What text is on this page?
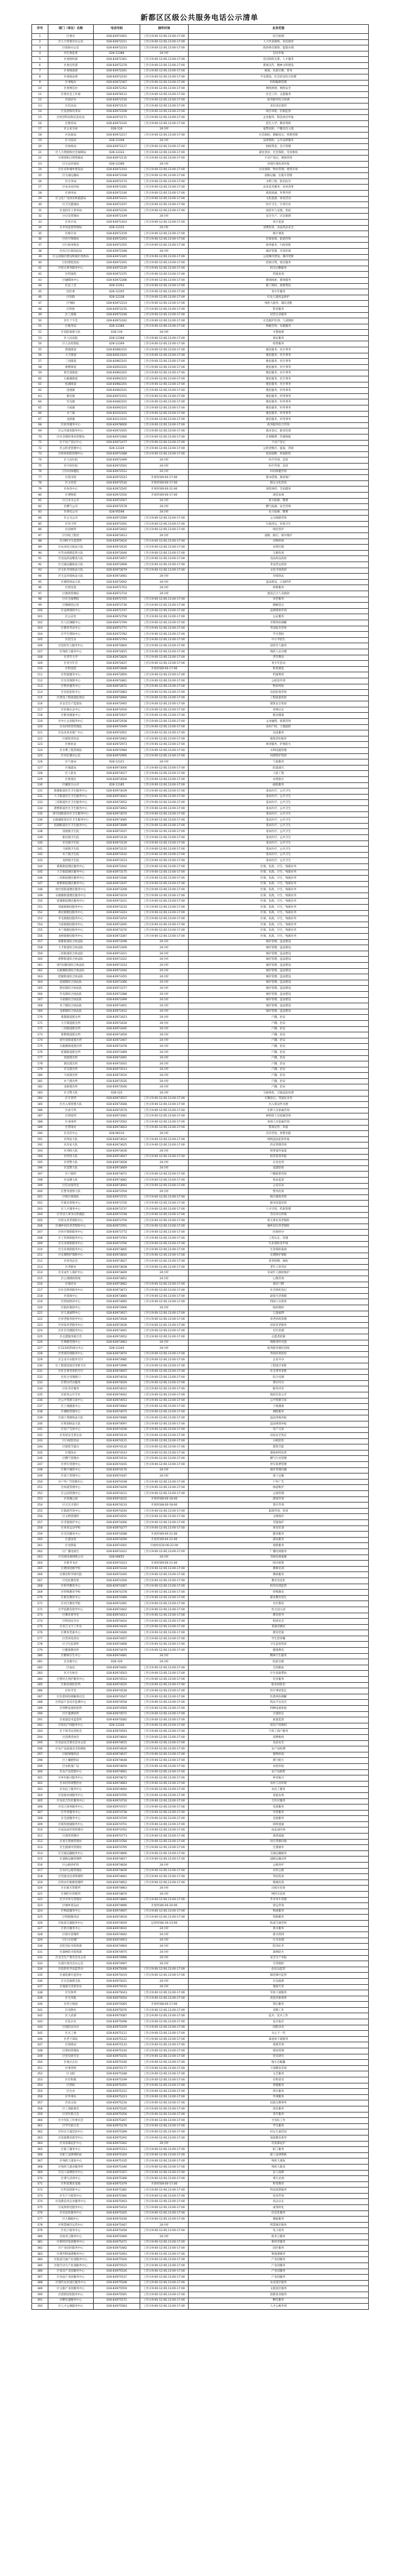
新都区区级公共服务电话公示清单
序号	部门（单位）名称	电话号码	接听时间	业务范围
1	区委办	028-83972001	工作日9:00-12:00,13:00-17:00	综合协调
2	区人大常委会办公室	028-83972211	工作日9:00-12:00,13:00-17:00	人大代表联络、来信接待
3	区政协办公室	028-83972233	工作日9:00-12:00,13:00-17:00	政协委员联络、提案办理
4	区纪委监委	028-12388	24小时	信访举报
5	区委组织部	028-83972361	工作日9:00-12:00,13:00-17:00	党员组织关系、人才服务
6	区委宣传部	028-83972278	工作日9:00-12:00,13:00-17:00	新闻宣传、精神文明建设
7	区委统战部	028-83972261	工作日9:00-12:00,13:00-17:00	统战、民族宗教、侨务
8	区委政法委	028-83972210	工作日9:00-12:00,13:00-17:00	平安建设、社会治安综合治理
9	区委编办	028-83972367	工作日9:00-12:00,13:00-17:00	机构编制管理
10	区委网信办	028-83972352	工作日9:00-12:00,13:00-17:00	网络舆情、网络安全
11	区委社会工作部	028-83978112	工作日9:00-12:00,13:00-17:00	社会工作、志愿服务
12	区政府办	028-83972156	工作日9:00-12:00,13:00-17:00	政务服务综合协调
13	区信访局	028-83972131	工作日9:00-12:00,13:00-17:00	来信来访接待
14	区发展和改革局	028-83972108	工作日9:00-12:00,13:00-17:00	项目审批、价格监督
15	区经济科技和信息化局	028-83972171	工作日9:00-12:00,13:00-17:00	企业服务、科技项目申报
16	区教育局	028-83971032	工作日9:00-12:00,13:00-17:00	招生入学、教育资助
17	区公安分局	028-110	24小时	报警求助、户籍及出入境
18	区民政局	028-83972217	工作日9:00-12:00,13:00-17:00	社会救助、婚姻登记、殡葬管理
19	区司法局	028-12348	24小时	法律援助、公共法律服务
20	区财政局	028-83972127	工作日9:00-12:00,13:00-17:00	财政资金、会计管理
21	区人力资源和社会保障局	028-12333	工作日9:00-12:00,13:00-17:00	就业创业、社会保险、劳动维权
22	区规划和自然资源局	028-83972135	工作日9:00-12:00,13:00-17:00	不动产登记、规划咨询
23	区生态环境局	028-12369	24小时	环境污染投诉举报
24	区住房和城乡建设局	028-83972193	工作日9:00-12:00,13:00-17:00	住房保障、物业管理、建筑市场
25	区交通运输局	028-83972168	工作日9:00-12:00,13:00-17:00	道路运输、出租车管理
26	区水务局	028-83972174	工作日9:00-12:00,13:00-17:00	水利工程、防汛抗旱
27	区农业农村局	028-83972181	工作日9:00-12:00,13:00-17:00	农业技术服务、农村改革
28	区商务局	028-83972146	工作日9:00-12:00,13:00-17:00	商贸流通、外资外贸
29	区文化广电体育和旅游局	028-83972221	工作日9:00-12:00,13:00-17:00	文化旅游、体育活动
30	区卫生健康局	028-83972197	工作日9:00-12:00,13:00-17:00	医疗卫生、计划生育
31	区退役军人事务局	028-83972226	工作日9:00-12:00,13:00-17:00	退役军人安置、优抚
32	区应急管理局	028-83972149	24小时	安全生产、应急救援
33	区审计局	028-83972163	工作日9:00-12:00,13:00-17:00	审计监督
34	区市场监督管理局	028-12315	24小时	消费投诉、食品药品安全
35	区统计局	028-83972159	工作日9:00-12:00,13:00-17:00	统计调查
36	区医疗保障局	028-83972203	工作日9:00-12:00,13:00-17:00	医保参保、报销咨询
37	区行政审批局	028-83972355	工作日9:00-12:00,13:00-17:00	政务服务、行政审批
38	区综合行政执法局	028-83972188	24小时	城市管理、市容环境
39	区公园城市建设和城市更新局	028-83972345	工作日9:00-12:00,13:00-17:00	公园城市建设、城市更新
40	区投资促进局	028-83972291	工作日9:00-12:00,13:00-17:00	招商引资、项目服务
41	区机关事务服务中心	028-83972140	工作日9:00-12:00,13:00-17:00	机关后勤服务
42	区档案馆	028-83972375	工作日9:00-12:00,13:00-17:00	档案查询
43	区融媒体中心	028-83972288	工作日9:00-12:00,13:00-17:00	新闻线索、媒体服务
44	区总工会	028-12351	工作日9:00-12:00,13:00-17:00	职工维权、困难帮扶
45	团区委	028-12355	工作日9:00-12:00,13:00-17:00	青少年服务
46	区妇联	028-12338	工作日9:00-12:00,13:00-17:00	妇女儿童权益保护
47	区残联	028-83972214	工作日9:00-12:00,13:00-17:00	残疾人服务、辅具适配
48	区科协	028-83972235	工作日9:00-12:00,13:00-17:00	科普服务
49	区工商联	028-83972248	工作日9:00-12:00,13:00-17:00	民营企业服务
50	区红十字会	028-83972242	工作日9:00-12:00,13:00-17:00	应急救护培训、人道救助
51	区税务局	028-12366	工作日9:00-12:00,13:00-17:00	纳税咨询、办税服务
52	区消防救援大队	028-119	24小时	火警救援
53	区人民法院	028-12368	工作日9:00-12:00,13:00-17:00	诉讼服务
54	区人民检察院	028-12309	工作日9:00-12:00,13:00-17:00	检察服务
55	新都街道	028-83982101	工作日9:00-12:00,13:00-17:00	便民服务、社区事务
56	大丰街道	028-83012101	工作日9:00-12:00,13:00-17:00	便民服务、社区事务
57	三河街道	028-83962101	工作日9:00-12:00,13:00-17:00	便民服务、社区事务
58	新繁街道	028-83052101	工作日9:00-12:00,13:00-17:00	便民服务、社区事务
59	斑竹园街道	028-83962201	工作日9:00-12:00,13:00-17:00	便民服务、社区事务
60	石板滩街道	028-83992101	工作日9:00-12:00,13:00-17:00	便民服务、社区事务
61	桂湖街道	028-83982201	工作日9:00-12:00,13:00-17:00	便民服务、社区事务
62	清流镇	028-83062101	工作日9:00-12:00,13:00-17:00	便民服务、村务事务
63	新民镇	028-83072101	工作日9:00-12:00,13:00-17:00	便民服务、村务事务
64	军屯镇	028-83082101	工作日9:00-12:00,13:00-17:00	便民服务、村务事务
65	马家镇	028-83092101	工作日9:00-12:00,13:00-17:00	便民服务、村务事务
66	木兰镇	028-83102101	工作日9:00-12:00,13:00-17:00	便民服务、村务事务
67	龙桥镇	028-83112101	工作日9:00-12:00,13:00-17:00	便民服务、村务事务
68	区政务服务中心	028-83978000	工作日9:00-12:00,13:00-17:00	政务服务综合咨询
69	区公共就业服务中心	028-83972455	工作日9:00-12:00,13:00-17:00	就业登记、职业培训
70	区社会保险事业管理局	028-83972466	工作日9:00-12:00,13:00-17:00	社保缴费、待遇领取
71	区不动产登记中心	028-83972477	工作日9:00-12:00,13:00-17:00	不动产登记
72	区公积金管理中心	028-12329	工作日9:00-12:00,13:00-17:00	公积金缴存、提取、贷款
73	区疾病预防控制中心	028-83972488	工作日9:00-12:00,13:00-17:00	疫苗接种、疾病防控
74	区人民医院	028-83972499	24小时	医疗咨询、急诊
75	区中医医院	028-83972501	24小时	医疗咨询、急诊
76	区妇幼保健院	028-83972512	24小时	妇幼保健咨询
77	区图书馆	028-83972523	开放时间9:00-17:00	图书借阅、阅读推广
78	区文化馆	028-83972534	开放时间9:00-17:00	群众文化活动
79	区体育中心	028-83972545	开放时间9:00-21:00	场馆预约、全民健身
80	区博物馆	028-83972556	开放时间9:00-17:00	展览参观
81	区自来水公司	028-83972567	24小时	供水报修、缴费
82	区燃气公司	028-83972578	24小时	燃气报修、安全咨询
83	区供电公司	028-95598	24小时	电力报修、缴费
84	区公交公司	028-83972589	工作日9:00-12:00,13:00-17:00	公交线路咨询
85	区环卫所	028-83972591	工作日9:00-12:00,13:00-17:00	垃圾清运、环境卫生
86	区园林所	028-83972602	工作日9:00-12:00,13:00-17:00	绿化管护
87	区市政工程处	028-83972613	24小时	道路、路灯、排水维护
88	区动物卫生监督所	028-83972624	工作日9:00-12:00,13:00-17:00	动物检疫
89	区农业综合执法大队	028-83972635	工作日9:00-12:00,13:00-17:00	农资打假
90	区劳动保障监察大队	028-83972646	工作日9:00-12:00,13:00-17:00	欠薪投诉
91	区食品药品稽查大队	028-83972657	工作日9:00-12:00,13:00-17:00	食品药品投诉
92	区交通运输执法大队	028-83972668	工作日9:00-12:00,13:00-17:00	非法营运投诉
93	区文化市场执法大队	028-83972679	工作日9:00-12:00,13:00-17:00	文化市场投诉
94	区生态环境执法大队	028-83972681	24小时	环境执法
95	区城管执法大队	028-83972692	24小时	违法建设、占道经营
96	区殡仪馆	028-83972703	24小时	殡葬服务
97	区救助管理站	028-83972714	24小时	流浪乞讨人员救助
98	区社会福利院	028-83972725	工作日9:00-12:00,13:00-17:00	养老服务
99	区婚姻登记处	028-83972736	工作日9:00-12:00,13:00-17:00	婚姻登记
100	区法律援助中心	028-83972747	工作日9:00-12:00,13:00-17:00	法律援助申请
101	区公证处	028-83972758	工作日9:00-12:00,13:00-17:00	公证服务
102	区人民调解中心	028-83972769	工作日9:00-12:00,13:00-17:00	矛盾纠纷调解
103	区教育考试中心	028-83972771	工作日9:00-12:00,13:00-17:00	考试报名咨询
104	区学生资助中心	028-83972782	工作日9:00-12:00,13:00-17:00	学生资助
105	区招生办	028-83972793	工作日9:00-12:00,13:00-17:00	中小学招生
106	区退役军人服务中心	028-83972804	工作日9:00-12:00,13:00-17:00	退役军人服务
107	区残疾人服务中心	028-83972815	工作日9:00-12:00,13:00-17:00	残疾人证办理
108	区老年大学	028-83972826	工作日9:00-12:00,13:00-17:00	老年教育
109	区青少年宫	028-83972837	工作日9:00-12:00,13:00-17:00	青少年活动
110	区科技馆	028-83972848	开放时间9:00-17:00	科普展览
111	区档案服务中心	028-83972859	工作日9:00-12:00,13:00-17:00	档案利用
112	区住房保障中心	028-83972861	工作日9:00-12:00,13:00-17:00	公租房申请
113	区物业服务中心	028-83972872	工作日9:00-12:00,13:00-17:00	物业纠纷
114	区房屋征收中心	028-83972883	工作日9:00-12:00,13:00-17:00	房屋征收咨询
115	区建设工程质量监督站	028-83972894	工作日9:00-12:00,13:00-17:00	工程质量投诉
116	区安全生产监督站	028-83972905	工作日9:00-12:00,13:00-17:00	建筑安全投诉
117	区价格认证中心	028-83972916	工作日9:00-12:00,13:00-17:00	价格认定
118	区粮食储备中心	028-83972927	工作日9:00-12:00,13:00-17:00	粮食储备
119	区中小企业服务中心	028-83972938	工作日9:00-12:00,13:00-17:00	企业融资、政策咨询
120	区农村经营管理站	028-83972949	工作日9:00-12:00,13:00-17:00	农村产权、土地流转
121	区农业技术推广中心	028-83972951	工作日9:00-12:00,13:00-17:00	农技服务
122	区畜牧兽医站	028-83972962	工作日9:00-12:00,13:00-17:00	畜牧兽医服务
123	区林业站	028-83972973	工作日9:00-12:00,13:00-17:00	林业服务、护林防火
124	区水利工程管理站	028-83972984	工作日9:00-12:00,13:00-17:00	水利设施管理
125	区河长制办公室	028-83972995	工作日9:00-12:00,13:00-17:00	河湖管护投诉
126	区气象局	028-12121	24小时	气象服务
127	区地震局	028-83973006	工作日9:00-12:00,13:00-17:00	防震减灾
128	区人防办	028-83973017	工作日9:00-12:00,13:00-17:00	人防工程
129	区供销社	028-83973028	工作日9:00-12:00,13:00-17:00	农资供应
130	区邮政分公司	028-11185	工作日9:00-12:00,13:00-17:00	邮政服务
131	新都街道社区卫生服务中心	028-83973039	工作日9:00-12:00,13:00-17:00	基本医疗、公共卫生
132	大丰街道社区卫生服务中心	028-83973041	工作日9:00-12:00,13:00-17:00	基本医疗、公共卫生
133	三河街道社区卫生服务中心	028-83973052	工作日9:00-12:00,13:00-17:00	基本医疗、公共卫生
134	新繁街道社区卫生服务中心	028-83973063	工作日9:00-12:00,13:00-17:00	基本医疗、公共卫生
135	斑竹园街道社区卫生服务中心	028-83973074	工作日9:00-12:00,13:00-17:00	基本医疗、公共卫生
136	石板滩街道社区卫生服务中心	028-83973085	工作日9:00-12:00,13:00-17:00	基本医疗、公共卫生
137	桂湖街道社区卫生服务中心	028-83973096	工作日9:00-12:00,13:00-17:00	基本医疗、公共卫生
138	清流镇卫生院	028-83973107	工作日9:00-12:00,13:00-17:00	基本医疗、公共卫生
139	新民镇卫生院	028-83973118	工作日9:00-12:00,13:00-17:00	基本医疗、公共卫生
140	军屯镇卫生院	028-83973129	工作日9:00-12:00,13:00-17:00	基本医疗、公共卫生
141	马家镇卫生院	028-83973131	工作日9:00-12:00,13:00-17:00	基本医疗、公共卫生
142	木兰镇卫生院	028-83973142	工作日9:00-12:00,13:00-17:00	基本医疗、公共卫生
143	龙桥镇卫生院	028-83973153	工作日9:00-12:00,13:00-17:00	基本医疗、公共卫生
144	新都街道便民服务中心	028-83973164	工作日9:00-12:00,13:00-17:00	社保、民政、计生、残联业务
145	大丰街道便民服务中心	028-83973175	工作日9:00-12:00,13:00-17:00	社保、民政、计生、残联业务
146	三河街道便民服务中心	028-83973186	工作日9:00-12:00,13:00-17:00	社保、民政、计生、残联业务
147	新繁街道便民服务中心	028-83973197	工作日9:00-12:00,13:00-17:00	社保、民政、计生、残联业务
148	斑竹园街道便民服务中心	028-83973208	工作日9:00-12:00,13:00-17:00	社保、民政、计生、残联业务
149	石板滩街道便民服务中心	028-83973219	工作日9:00-12:00,13:00-17:00	社保、民政、计生、残联业务
150	桂湖街道便民服务中心	028-83973221	工作日9:00-12:00,13:00-17:00	社保、民政、计生、残联业务
151	清流镇便民服务中心	028-83973232	工作日9:00-12:00,13:00-17:00	社保、民政、计生、残联业务
152	新民镇便民服务中心	028-83973243	工作日9:00-12:00,13:00-17:00	社保、民政、计生、残联业务
153	军屯镇便民服务中心	028-83973254	工作日9:00-12:00,13:00-17:00	社保、民政、计生、残联业务
154	马家镇便民服务中心	028-83973265	工作日9:00-12:00,13:00-17:00	社保、民政、计生、残联业务
155	木兰镇便民服务中心	028-83973276	工作日9:00-12:00,13:00-17:00	社保、民政、计生、残联业务
156	龙桥镇便民服务中心	028-83973287	工作日9:00-12:00,13:00-17:00	社保、民政、计生、残联业务
157	新都街道综合执法队	028-83973298	24小时	城市管理、违法建设
158	大丰街道综合执法队	028-83973309	24小时	城市管理、违法建设
159	三河街道综合执法队	028-83973311	24小时	城市管理、违法建设
160	新繁街道综合执法队	028-83973322	24小时	城市管理、违法建设
161	斑竹园街道综合执法队	028-83973333	24小时	城市管理、违法建设
162	石板滩街道综合执法队	028-83973344	24小时	城市管理、违法建设
163	桂湖街道综合执法队	028-83973355	24小时	城市管理、违法建设
164	清流镇综合执法队	028-83973366	24小时	城市管理、违法建设
165	新民镇综合执法队	028-83973377	24小时	城市管理、违法建设
166	军屯镇综合执法队	028-83973388	24小时	城市管理、违法建设
167	马家镇综合执法队	028-83973399	24小时	城市管理、违法建设
168	木兰镇综合执法队	028-83973401	24小时	城市管理、违法建设
169	龙桥镇综合执法队	028-83973412	24小时	城市管理、违法建设
170	新都街道派出所	028-83973423	24小时	户籍、治安
171	大丰街道派出所	028-83973434	24小时	户籍、治安
172	三河街道派出所	028-83973445	24小时	户籍、治安
173	新繁街道派出所	028-83973456	24小时	户籍、治安
174	斑竹园街道派出所	028-83973467	24小时	户籍、治安
175	石板滩街道派出所	028-83973478	24小时	户籍、治安
176	桂湖街道派出所	028-83973489	24小时	户籍、治安
177	清流派出所	028-83973491	24小时	户籍、治安
178	新民派出所	028-83973502	24小时	户籍、治安
179	军屯派出所	028-83973513	24小时	户籍、治安
180	马家派出所	028-83973524	24小时	户籍、治安
181	木兰派出所	028-83973535	24小时	户籍、治安
182	龙桥派出所	028-83973546	24小时	户籍、治安
183	区交警大队	028-122	24小时	交通事故、交通违法处理
184	区车管所	028-83973557	工作日9:00-12:00,13:00-17:00	车辆登记、驾驶证业务
185	区出入境管理大队	028-83973568	工作日9:00-12:00,13:00-17:00	出入境证件办理
186	区看守所	028-83973579	工作日9:00-12:00,13:00-17:00	在押人员家属咨询
187	区拘留所	028-83973581	工作日9:00-12:00,13:00-17:00	被拘留人员家属咨询
188	区戒毒所	028-83973592	工作日9:00-12:00,13:00-17:00	戒毒人员家属咨询
189	区禁毒办	028-83973603	工作日9:00-12:00,13:00-17:00	禁毒宣传、举报
190	区反诈中心	028-96110	24小时	反诈咨询、预警劝阻
191	区网安大队	028-83973614	工作日9:00-12:00,13:00-17:00	网络违法犯罪举报
192	区治安大队	028-83973625	工作日9:00-12:00,13:00-17:00	治安管理咨询
193	区刑侦大队	028-83973636	24小时	刑事案件报案
194	区经侦大队	028-83973647	工作日9:00-12:00,13:00-17:00	经济犯罪举报
195	区特警大队	028-83973658	24小时	应急处突
196	区巡警大队	028-83973669	24小时	巡逻防控
197	区户政科	028-83973671	工作日9:00-12:00,13:00-17:00	户籍政策咨询
198	区法制大队	028-83973682	工作日9:00-12:00,13:00-17:00	执法监督
199	区信访接待室	028-83973693	工作日9:00-12:00,13:00-17:00	公安信访
200	区警务督察大队	028-83973704	24小时	警务投诉
201	区统计调查队	028-83973715	工作日9:00-12:00,13:00-17:00	统计调查咨询
202	区就业训练中心	028-83973726	工作日9:00-12:00,13:00-17:00	职业技能培训
203	区人才服务中心	028-83973737	工作日9:00-12:00,13:00-17:00	人才引进、档案管理
204	区劳动人事争议仲裁院	028-83973748	工作日9:00-12:00,13:00-17:00	劳动争议仲裁
205	区机关养老保险中心	028-83973759	工作日9:00-12:00,13:00-17:00	机关事业养老保险
206	区城乡居民养老保险中心	028-83973761	工作日9:00-12:00,13:00-17:00	城乡居民养老保险
207	区医疗保险服务中心	028-83973772	工作日9:00-12:00,13:00-17:00	医保经办
208	区工伤保险服务中心	028-83973783	工作日9:00-12:00,13:00-17:00	工伤认定、待遇
209	区失业保险服务中心	028-83973794	工作日9:00-12:00,13:00-17:00	失业保险金申领
210	区生育保险服务中心	028-83973805	工作日9:00-12:00,13:00-17:00	生育保险报销
211	区长期照护保险中心	028-83973816	工作日9:00-12:00,13:00-17:00	长期照护保险
212	区慈善总会	028-83973827	工作日9:00-12:00,13:00-17:00	慈善捐赠、救助
213	区老龄办	028-83973838	工作日9:00-12:00,13:00-17:00	老年人优待证
214	区未成年人保护中心	028-83973849	24小时	未成年人救助保护
215	区心理援助热线	028-83973851	24小时	心理咨询
216	区地名办	028-83973862	工作日9:00-12:00,13:00-17:00	地名门牌
217	区社会组织服务中心	028-83973873	工作日9:00-12:00,13:00-17:00	社会组织登记
218	区低保中心	028-83973884	工作日9:00-12:00,13:00-17:00	最低生活保障
219	区特困供养中心	028-83973895	工作日9:00-12:00,13:00-17:00	特困人员供养
220	区临时救助中心	028-83973906	24小时	临时救助
221	区儿童福利中心	028-83973917	工作日9:00-12:00,13:00-17:00	儿童福利
222	区养老服务指导中心	028-83973928	工作日9:00-12:00,13:00-17:00	养老机构管理
223	区居家养老服务中心	028-83973939	工作日9:00-12:00,13:00-17:00	居家养老服务
224	区社区治理服务中心	028-83973941	工作日9:00-12:00,13:00-17:00	社区治理
225	区志愿服务联合会	028-83973952	工作日9:00-12:00,13:00-17:00	志愿者招募
226	区网格管理中心	028-83973963	24小时	网格事件处置
227	区12345热线分中心	028-12345	24小时	政务服务便民热线
228	区营商环境服务中心	028-83973974	工作日9:00-12:00,13:00-17:00	营商环境投诉
229	区企业开办服务专区	028-83973985	工作日9:00-12:00,13:00-17:00	企业开办
230	区工程建设项目审批专区	028-83973996	工作日9:00-12:00,13:00-17:00	工程项目审批
231	区社会事务审批专区	028-83974007	工作日9:00-12:00,13:00-17:00	社会事务审批
232	区综合受理窗口	028-83974018	工作日9:00-12:00,13:00-17:00	综合受理
233	区帮办代办服务	028-83974029	工作日9:00-12:00,13:00-17:00	帮办代办
234	区好差评服务	028-83974031	工作日9:00-12:00,13:00-17:00	服务评价
235	区政务公开专区	028-83974042	工作日9:00-12:00,13:00-17:00	政府信息公开
236	区公共资源交易中心	028-83974053	工作日9:00-12:00,13:00-17:00	公共资源交易
237	区土地储备中心	028-83974064	工作日9:00-12:00,13:00-17:00	土地储备
238	区测绘管理中心	028-83974075	工作日9:00-12:00,13:00-17:00	测绘服务
239	区国土资源执法大队	028-83974086	工作日9:00-12:00,13:00-17:00	违法用地举报
240	区规划执法大队	028-83974097	工作日9:00-12:00,13:00-17:00	违法规划举报
241	区房产交易中心	028-83974108	工作日9:00-12:00,13:00-17:00	房产交易
242	区房屋安全鉴定站	028-83974119	工作日9:00-12:00,13:00-17:00	房屋安全鉴定
243	区白蚁防治站	028-83974121	工作日9:00-12:00,13:00-17:00	白蚁防治
244	区建筑节能办	028-83974132	工作日9:00-12:00,13:00-17:00	建筑节能
245	区墙改办	028-83974143	工作日9:00-12:00,13:00-17:00	墙体材料改革
246	区燃气管理办	028-83974154	工作日9:00-12:00,13:00-17:00	燃气行业管理
247	区停车管理中心	028-83974165	工作日9:00-12:00,13:00-17:00	停车收费管理
248	区数字城管中心	028-83974176	24小时	城市管理问题
249	区渣土管理中心	028-83974187	24小时	渣土运输
250	区户外广告管理中心	028-83974198	工作日9:00-12:00,13:00-17:00	户外广告
251	区绿道管理中心	028-83974209	工作日9:00-12:00,13:00-17:00	绿道维护
252	区公园管理中心	028-83974211	工作日9:00-12:00,13:00-17:00	公园管理
253	区桂湖公园	028-83974222	开放时间8:00-18:00	游园咨询
254	区宝光寺景区	028-83974233	开放时间8:00-18:00	景区咨询
255	区旅游咨询中心	028-83974244	工作日9:00-12:00,13:00-17:00	旅游咨询、投诉
256	区文物管理所	028-83974255	工作日9:00-12:00,13:00-17:00	文物保护
257	区非遗保护中心	028-83974266	工作日9:00-12:00,13:00-17:00	非遗保护
258	区体育运动学校	028-83974277	工作日9:00-12:00,13:00-17:00	体育培训
259	区全民健身中心	028-83974288	开放时间9:00-21:00	健身服务
260	区游泳馆	028-83974299	开放时间9:00-21:00	游泳服务
261	区电影院	028-83974301	开放时间10:00-22:00	观影服务
262	区广播电视台	028-83974312	工作日9:00-12:00,13:00-17:00	广播电视服务
263	区有线电视网络公司	028-96655	24小时	有线电视报修
264	区新华书店	028-83974323	开放时间9:00-21:00	图书销售
265	区教师进修学校	028-83974334	工作日9:00-12:00,13:00-17:00	教师培训
266	区教育科学研究院	028-83974345	工作日9:00-12:00,13:00-17:00	教研服务
267	区电化教育馆	028-83974356	工作日9:00-12:00,13:00-17:00	教育信息化
268	区校外教育中心	028-83974367	工作日9:00-12:00,13:00-17:00	校外培训监管
269	区特殊教育学校	028-83974378	工作日9:00-12:00,13:00-17:00	特殊教育
270	区职业教育中心	028-83974389	工作日9:00-12:00,13:00-17:00	职业教育招生
271	区社区教育学院	028-83974391	工作日9:00-12:00,13:00-17:00	社区教育
272	区学前教育指导中心	028-83974402	工作日9:00-12:00,13:00-17:00	幼儿园入园
273	区教育督导室	028-83974413	工作日9:00-12:00,13:00-17:00	教育督导
274	区校园安全办	028-83974424	工作日9:00-12:00,13:00-17:00	校园安全
275	区语言文字工作办	028-83974435	工作日9:00-12:00,13:00-17:00	普通话测试
276	区教育装备中心	028-83974446	工作日9:00-12:00,13:00-17:00	教育装备
277	区营养改善办	028-83974457	工作日9:00-12:00,13:00-17:00	学生营养餐
278	区卫生监督所	028-83974468	工作日9:00-12:00,13:00-17:00	卫生监督投诉
279	区健康教育所	028-83974479	工作日9:00-12:00,13:00-17:00	健康教育
280	区精神卫生中心	028-83974481	24小时	精神卫生服务
281	区急救中心	028-120	24小时	院前急救
282	区血站	028-83974492	工作日9:00-12:00,13:00-17:00	无偿献血
283	区计生协会	028-83974503	工作日9:00-12:00,13:00-17:00	计生家庭帮扶
284	区婴幼儿照护服务中心	028-83974514	工作日9:00-12:00,13:00-17:00	托育服务
285	区职业病防治所	028-83974525	工作日9:00-12:00,13:00-17:00	职业病防治
286	区医学会	028-83974536	工作日9:00-12:00,13:00-17:00	医疗事故鉴定
287	区医患纠纷调解委员会	028-83974547	工作日9:00-12:00,13:00-17:00	医患纠纷调解
288	区药品不良反应监测中心	028-83974558	工作日9:00-12:00,13:00-17:00	药品不良反应
289	区特种设备检验所	028-83974569	工作日9:00-12:00,13:00-17:00	特种设备检验
290	区计量测试所	028-83974571	工作日9:00-12:00,13:00-17:00	计量检定
291	区质量技术监督所	028-83974582	工作日9:00-12:00,13:00-17:00	质量监督
292	区知识产权服务中心	028-12330	工作日9:00-12:00,13:00-17:00	知识产权维权
293	区个体劳动者协会	028-83974593	工作日9:00-12:00,13:00-17:00	个体工商户服务
294	区消费者协会	028-83974604	工作日9:00-12:00,13:00-17:00	消费维权
295	区食品安全委员会办公室	028-83974615	工作日9:00-12:00,13:00-17:00	食品安全
296	区农产品质量安全检测站	028-83974626	工作日9:00-12:00,13:00-17:00	农产品检测
297	区植保植检站	028-83974637	工作日9:00-12:00,13:00-17:00	植物检疫
298	区土壤肥料站	028-83974648	工作日9:00-12:00,13:00-17:00	测土配方
299	区农机推广站	028-83974659	工作日9:00-12:00,13:00-17:00	农机补贴
300	区农产品营销中心	028-83974661	工作日9:00-12:00,13:00-17:00	农产品销售
301	区乡村振兴服务中心	028-83974672	工作日9:00-12:00,13:00-17:00	乡村振兴
302	区农村环境整治办	028-83974683	工作日9:00-12:00,13:00-17:00	农村人居环境
303	区农民工服务中心	028-83974694	工作日9:00-12:00,13:00-17:00	农民工服务
304	区家庭农场服务中心	028-83974705	工作日9:00-12:00,13:00-17:00	家庭农场
305	区农民合作社服务中心	028-83974716	工作日9:00-12:00,13:00-17:00	合作社服务
306	区电子商务服务中心	028-83974727	工作日9:00-12:00,13:00-17:00	电商服务
307	区外贸服务中心	028-83974738	工作日9:00-12:00,13:00-17:00	外贸服务
308	区会展服务中心	028-83974749	工作日9:00-12:00,13:00-17:00	会展服务
309	区商贸流通服务中心	028-83974751	工作日9:00-12:00,13:00-17:00	商贸流通
310	区成品油市场管理办	028-83974762	工作日9:00-12:00,13:00-17:00	成品油市场
311	区酒类管理办	028-83974773	工作日9:00-12:00,13:00-17:00	酒类流通
312	区再生资源管理办	028-83974784	工作日9:00-12:00,13:00-17:00	再生资源回收
313	区生猪屠宰管理办	028-83974795	工作日9:00-12:00,13:00-17:00	生猪屠宰
314	区交通运输服务中心	028-83974806	工作日9:00-12:00,13:00-17:00	交通运输服务
315	区道路运输管理所	028-83974817	工作日9:00-12:00,13:00-17:00	道路运输证件
316	区公路养护段	028-83974828	24小时	公路养护
317	区农村公路管理站	028-83974839	工作日9:00-12:00,13:00-17:00	农村公路
318	区驾驶员培训管理所	028-83974841	工作日9:00-12:00,13:00-17:00	驾培投诉
319	区机动车维修管理所	028-83974852	工作日9:00-12:00,13:00-17:00	维修投诉
320	区出租车管理所	028-83974863	24小时	出租车投诉
321	区网约车管理所	028-83974874	24小时	网约车投诉
322	区共享单车管理办	028-83974885	工作日9:00-12:00,13:00-17:00	共享单车管理
323	区城乡客运站	028-83974896	开放时间6:00-20:00	客运咨询
324	区物流服务中心	028-83974907	工作日9:00-12:00,13:00-17:00	物流服务
325	区铁路服务站	028-83974918	工作日9:00-12:00,13:00-17:00	铁路服务
326	区轨道交通服务中心	028-83974929	运营时间6:30-23:00	轨道交通咨询
327	区供水服务中心	028-83974931	24小时	供水服务
328	区排水管理所	028-83974942	24小时	排水管网
329	区污水处理厂	028-83974953	24小时	污水处理
330	区防汛抗旱指挥部	028-83974964	24小时	防汛抗旱
331	区森林防火指挥部	028-83974975	24小时	森林防火
332	区安全生产委员会办公室	028-83974986	24小时	安全生产举报
333	区减灾委员会办公室	028-83974997	24小时	灾害救助
334	区危险化学品监管办	028-83975008	工作日9:00-12:00,13:00-17:00	危化品监管
335	区烟花爆竹监管办	028-83975019	工作日9:00-12:00,13:00-17:00	烟花爆竹监管
336	区应急救援支队	028-83975021	24小时	应急救援
337	区地质灾害防治办	028-83975032	24小时	地质灾害
338	区军休所	028-83975043	工作日9:00-12:00,13:00-17:00	军休干部服务
339	区光荣院	028-83975054	工作日9:00-12:00,13:00-17:00	优抚对象供养
340	区烈士陵园	028-83975065	开放时间8:00-17:00	祭扫服务
341	区双拥办	028-83975076	工作日9:00-12:00,13:00-17:00	双拥工作
342	区人武部	028-83975087	工作日9:00-12:00,13:00-17:00	征兵、民兵工作
343	区征兵办	028-83975098	工作日9:00-12:00,13:00-17:00	征兵报名
344	区国防动员办	028-83975109	工作日9:00-12:00,13:00-17:00	国防动员
345	区关工委	028-83975111	工作日9:00-12:00,13:00-17:00	关心下一代
346	区老干部局	028-83975122	工作日9:00-12:00,13:00-17:00	离退休干部服务
347	区保密局	028-83975133	工作日9:00-12:00,13:00-17:00	保密咨询
348	区密码管理局	028-83975144	工作日9:00-12:00,13:00-17:00	密码管理
349	区党史研究室	028-83975155	工作日9:00-12:00,13:00-17:00	党史研究
350	区地方志办	028-83975166	工作日9:00-12:00,13:00-17:00	地方志编纂
351	区委党校	028-83975177	工作日9:00-12:00,13:00-17:00	干部教育培训
352	区文联	028-83975188	工作日9:00-12:00,13:00-17:00	文艺服务
353	区社科联	028-83975199	工作日9:00-12:00,13:00-17:00	社科普及
354	区侨联	028-83975201	工作日9:00-12:00,13:00-17:00	侨胞服务
355	区台办	028-83975212	工作日9:00-12:00,13:00-17:00	涉台服务
356	区外事办	028-83975223	工作日9:00-12:00,13:00-17:00	外事服务
357	区民宗局	028-83975234	工作日9:00-12:00,13:00-17:00	民族宗教事务
358	区工商联商会	028-83975245	工作日9:00-12:00,13:00-17:00	商会服务
359	区青年联合会	028-83975256	工作日9:00-12:00,13:00-17:00	青年服务
360	区少先队工作委员会	028-83975267	工作日9:00-12:00,13:00-17:00	少先队工作
361	区学生联合会	028-83975278	工作日9:00-12:00,13:00-17:00	学生服务
362	区妇女儿童活动中心	028-83975289	工作日9:00-12:00,13:00-17:00	妇女儿童活动
363	区家庭教育指导中心	028-83975291	工作日9:00-12:00,13:00-17:00	家庭教育指导
364	区反家暴庇护中心	028-83975302	24小时	反家暴庇护
365	区职工服务中心	028-83975313	工作日9:00-12:00,13:00-17:00	职工服务
366	区职工法律援助站	028-83975324	工作日9:00-12:00,13:00-17:00	职工法律援助
367	区残疾人康复中心	028-83975335	工作日9:00-12:00,13:00-17:00	残疾人康复
368	区残疾人就业服务所	028-83975346	工作日9:00-12:00,13:00-17:00	残疾人就业
369	区盲人按摩指导中心	028-83975357	工作日9:00-12:00,13:00-17:00	盲人按摩
370	区聋儿语训中心	028-83975368	工作日9:00-12:00,13:00-17:00	聋儿语训
371	区科普教育基地	028-83975379	开放时间9:00-17:00	科普教育
372	区科技创新中心	028-83975381	工作日9:00-12:00,13:00-17:00	科技创新服务
373	区生产力促进中心	028-83975392	工作日9:00-12:00,13:00-17:00	技术咨询
374	区高新技术企业服务中心	028-83975403	工作日9:00-12:00,13:00-17:00	高企认定
375	区成果转化服务中心	028-83975414	工作日9:00-12:00,13:00-17:00	成果转化
376	区信息化服务中心	028-83975425	工作日9:00-12:00,13:00-17:00	信息化服务
377	区大数据中心	028-83975436	工作日9:00-12:00,13:00-17:00	数据服务
378	区智慧城市运营中心	028-83975447	24小时	智慧城市服务
379	区电子政务中心	028-83975458	工作日9:00-12:00,13:00-17:00	电子政务
380	区政务云服务中心	028-83975469	24小时	政务云服务
381	区新经济发展服务中心	028-83975471	工作日9:00-12:00,13:00-17:00	新经济服务
382	区产业园区服务中心	028-83975482	工作日9:00-12:00,13:00-17:00	园区服务
383	区现代物流港服务中心	028-83975493	工作日9:00-12:00,13:00-17:00	物流港服务
384	区轨道交通产业园服务中心	028-83975504	工作日9:00-12:00,13:00-17:00	产业园服务
385	区航空动力产业园服务中心	028-83975515	工作日9:00-12:00,13:00-17:00	产业园服务
386	区家具产业园服务中心	028-83975526	工作日9:00-12:00,13:00-17:00	产业园服务
387	区食品产业园服务中心	028-83975537	工作日9:00-12:00,13:00-17:00	产业园服务
388	区现代农业园区服务中心	028-83975548	工作日9:00-12:00,13:00-17:00	农业园区服务
389	区文旅产业园服务中心	028-83975559	工作日9:00-12:00,13:00-17:00	文旅园区服务
390	区创新创业服务中心	028-83975561	工作日9:00-12:00,13:00-17:00	创新创业服务
391	区孵化器服务中心	028-83975572	工作日9:00-12:00,13:00-17:00	孵化服务
392	区人才公寓服务中心	028-83975583	工作日9:00-12:00,13:00-17:00	人才公寓申请
